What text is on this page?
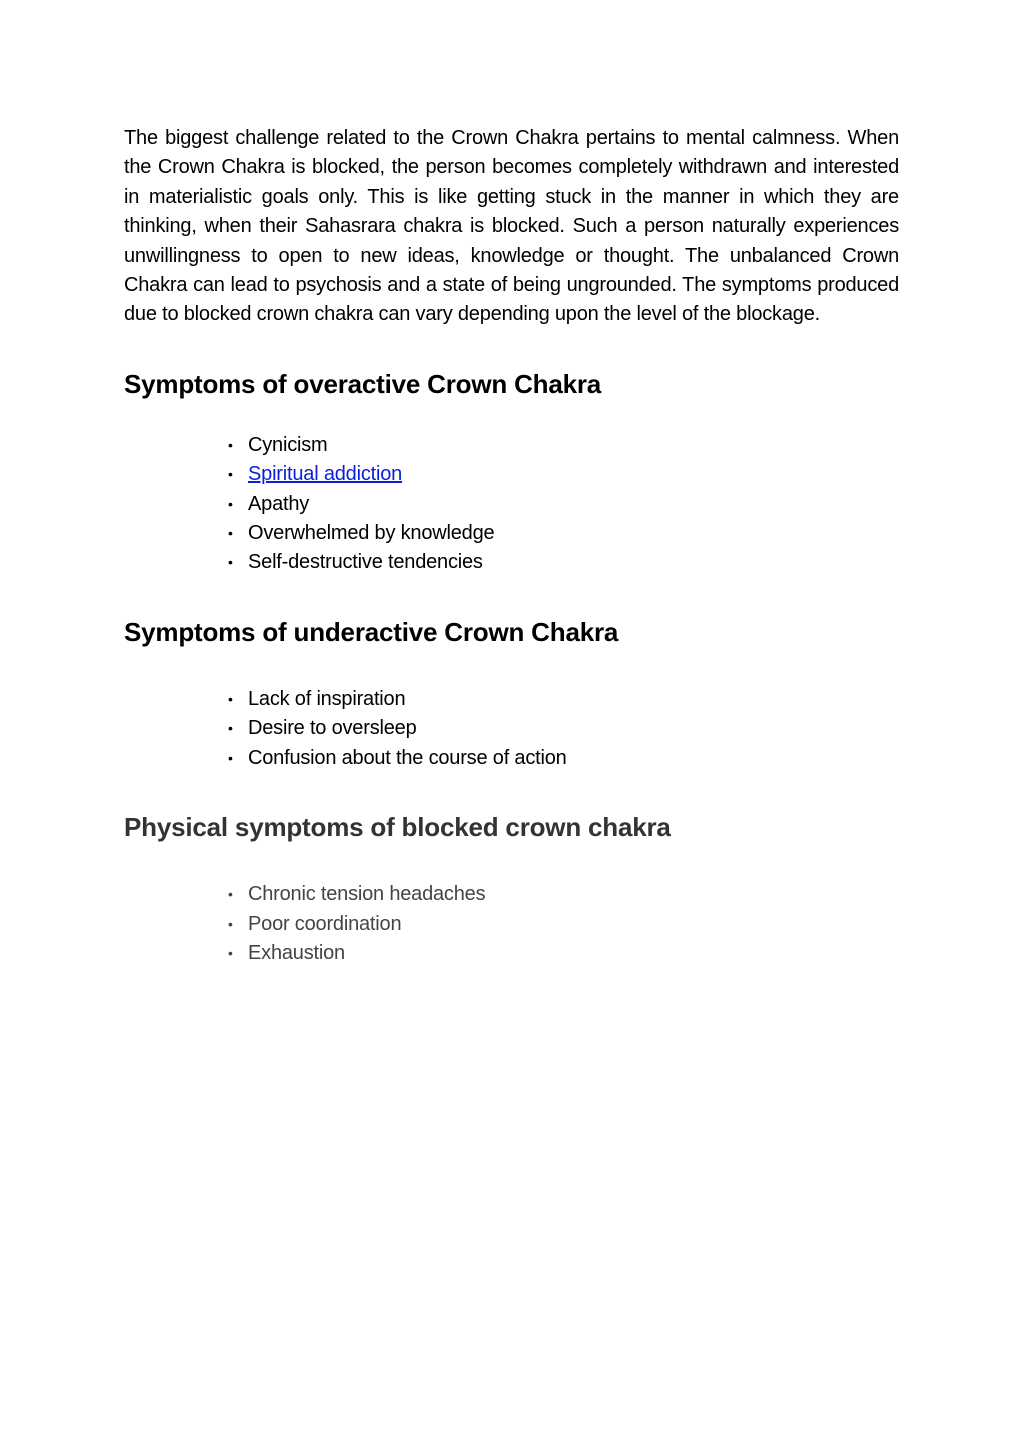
The biggest challenge related to the Crown Chakra pertains to mental calmness. When the Crown Chakra is blocked, the person becomes completely withdrawn and interested in materialistic goals only. This is like getting stuck in the manner in which they are thinking, when their Sahasrara chakra is blocked. Such a person naturally experiences unwillingness to open to new ideas, knowledge or thought. The unbalanced Crown Chakra can lead to psychosis and a state of being ungrounded. The symptoms produced due to blocked crown chakra can vary depending upon the level of the blockage.

Symptoms of overactive Crown Chakra
• Cynicism
• Spiritual addiction
• Apathy
• Overwhelmed by knowledge
• Self-destructive tendencies
Symptoms of underactive Crown Chakra
• Lack of inspiration
• Desire to oversleep
• Confusion about the course of action
Physical symptoms of blocked crown chakra
• Chronic tension headaches
• Poor coordination
• Exhaustion
